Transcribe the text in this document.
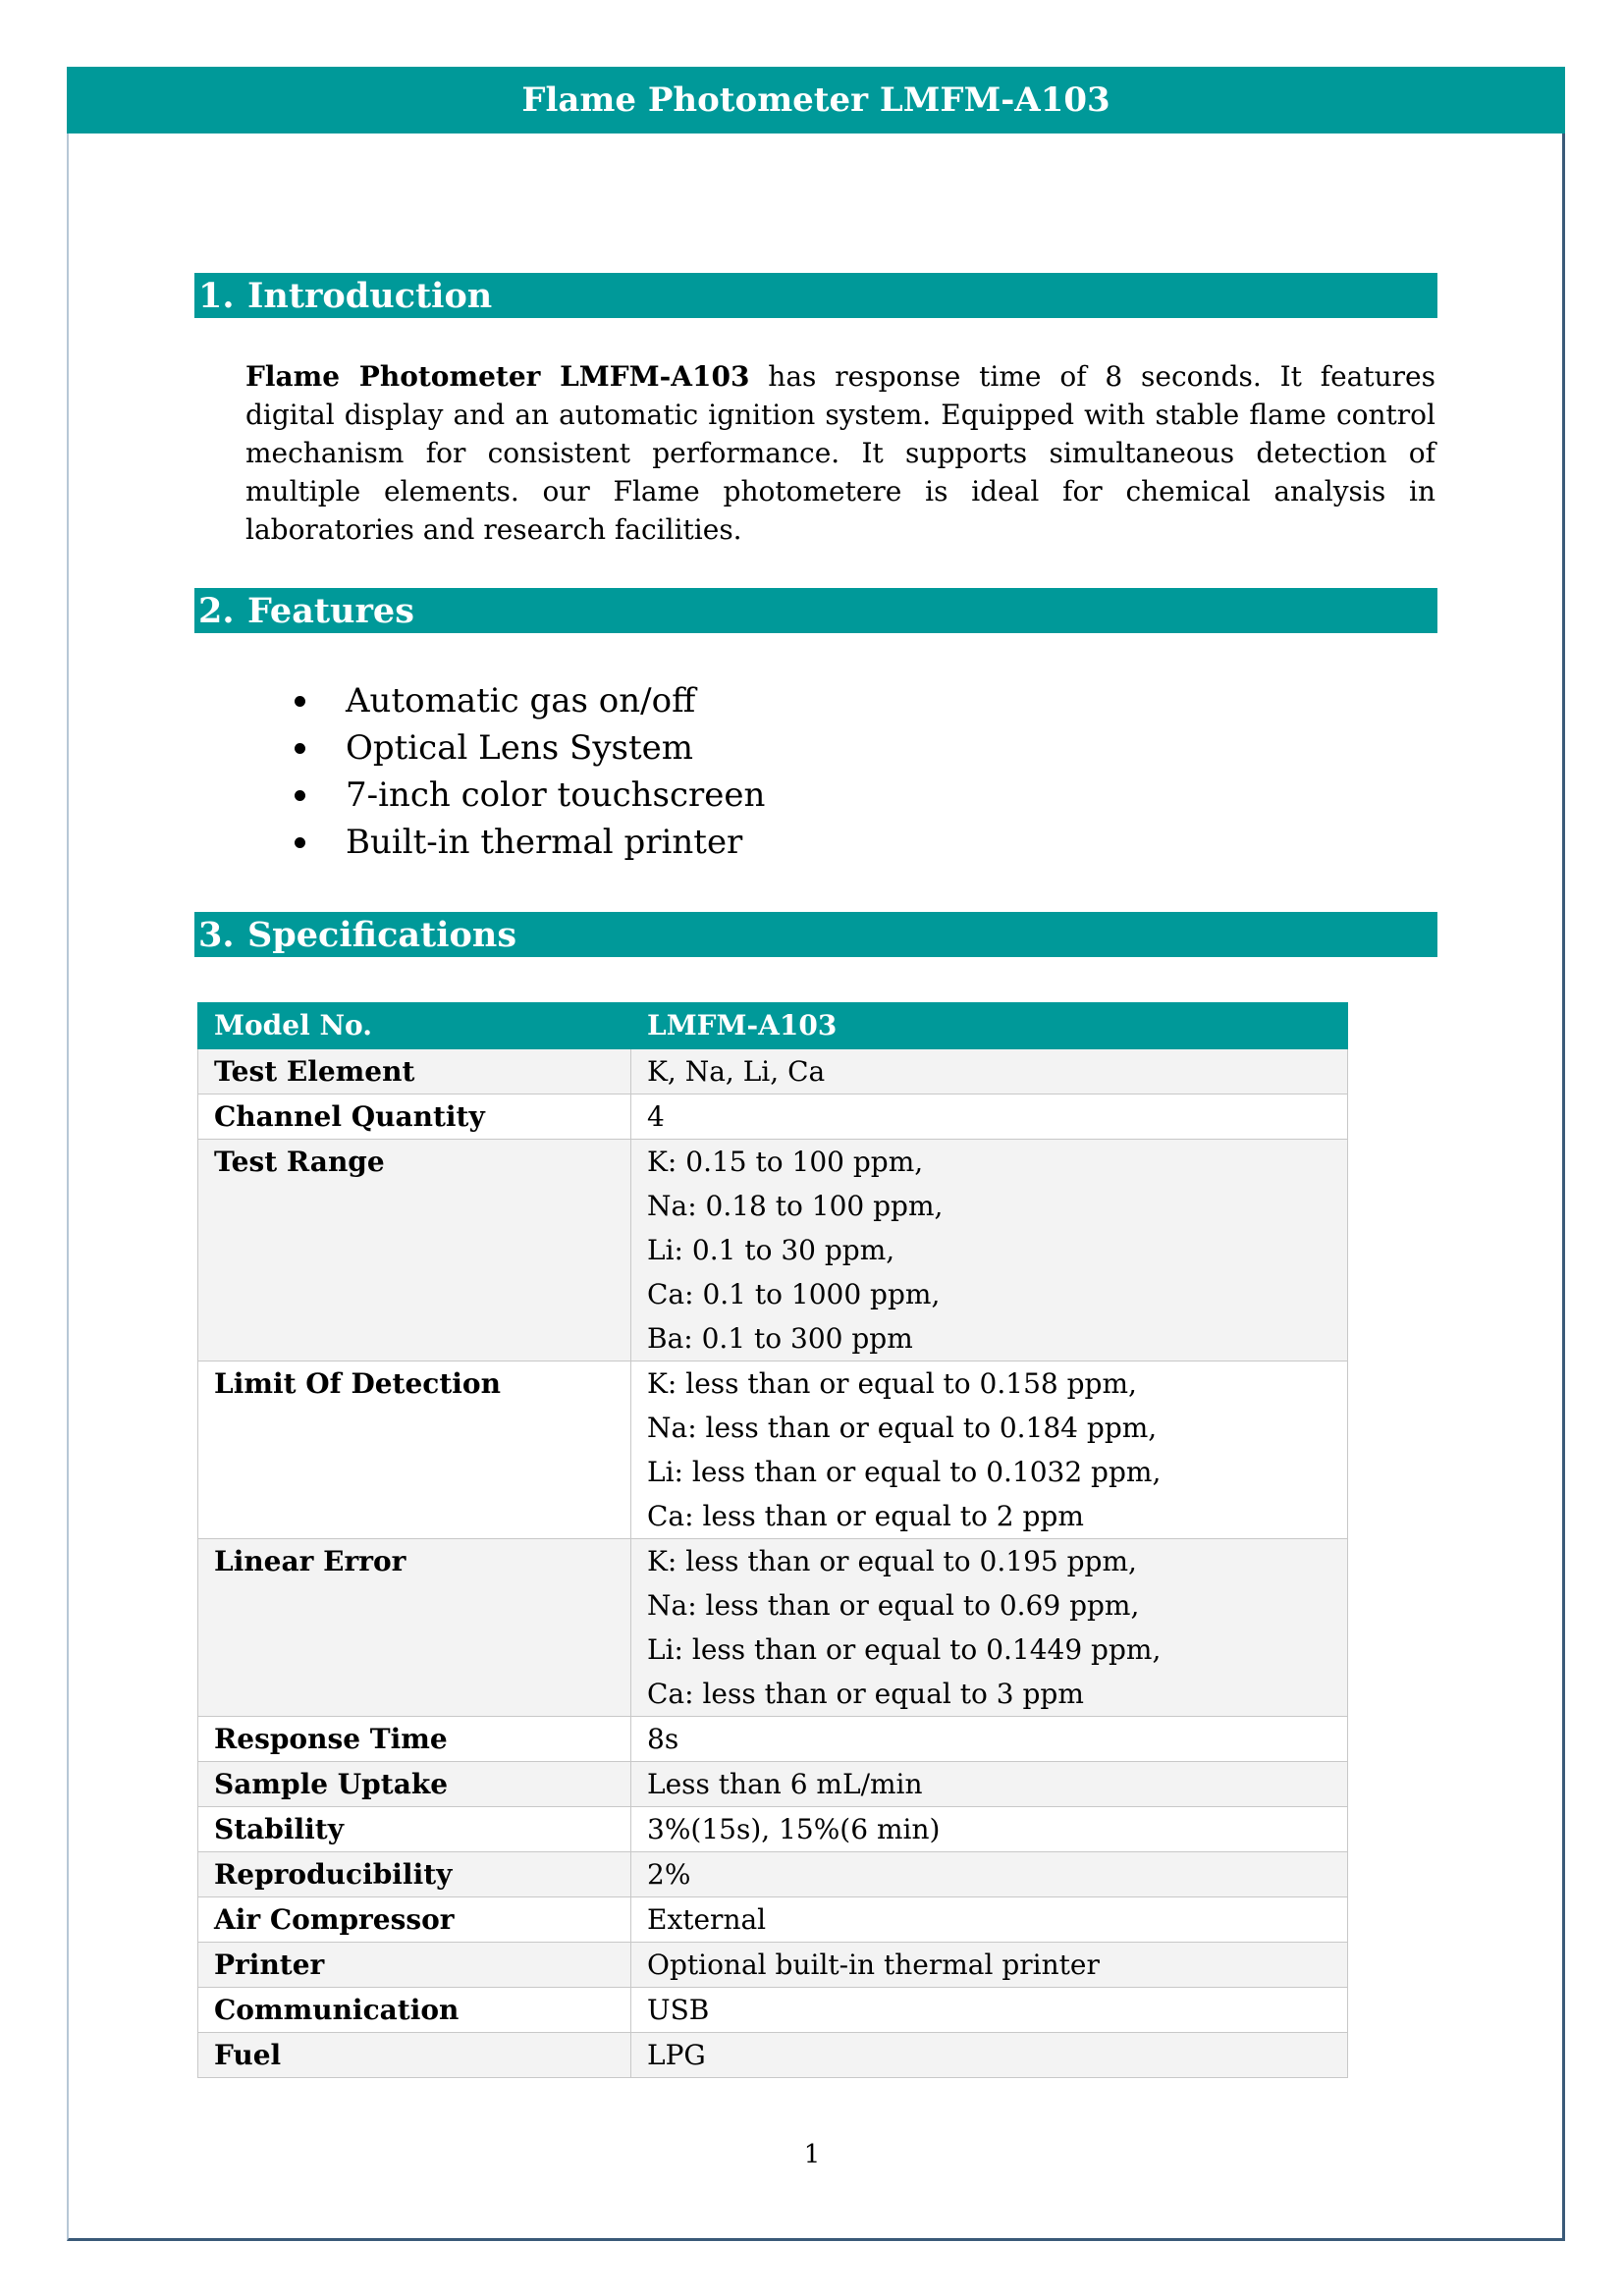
Flame Photometer LMFM-A103
1. Introduction
Flame Photometer LMFM-A103 has response time of 8 seconds. It features digital display and an automatic ignition system. Equipped with stable flame control mechanism for consistent performance. It supports simultaneous detection of multiple elements. our Flame photometere is ideal for chemical analysis in laboratories and research facilities.
2. Features
Automatic gas on/off
Optical Lens System
7-inch color touchscreen
Built-in thermal printer
3. Specifications
Model No.	LMFM-A103
Test Element	K, Na, Li, Ca

Channel Quantity	4

Test Range	K: 0.15 to 100 ppm,
Na: 0.18 to 100 ppm,
Li: 0.1 to 30 ppm,
Ca: 0.1 to 1000 ppm,
Ba: 0.1 to 300 ppm

Limit Of Detection	K: less than or equal to 0.158 ppm,
Na: less than or equal to 0.184 ppm,
Li: less than or equal to 0.1032 ppm,
Ca: less than or equal to 2 ppm

Linear Error	K: less than or equal to 0.195 ppm,
Na: less than or equal to 0.69 ppm,
Li: less than or equal to 0.1449 ppm,
Ca: less than or equal to 3 ppm

Response Time	8s

Sample Uptake	Less than 6 mL/min

Stability	3%(15s), 15%(6 min)

Reproducibility	2%

Air Compressor	External

Printer	Optional built-in thermal printer

Communication	USB

Fuel	LPG
1
